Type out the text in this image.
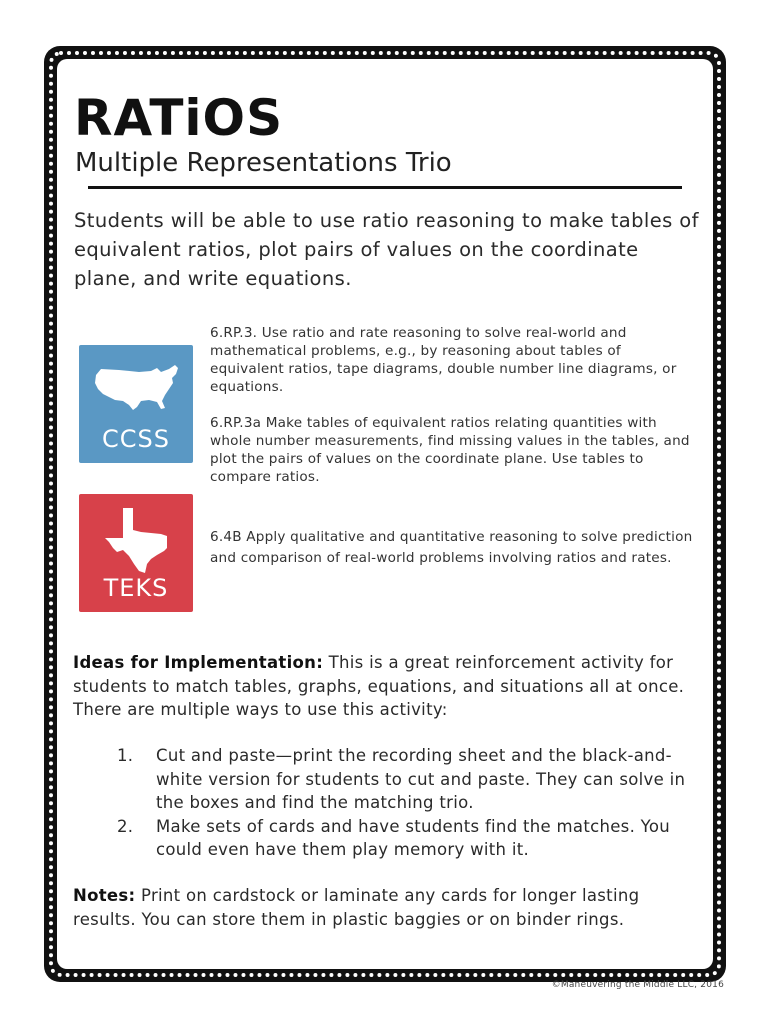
RATiOS
Multiple Representations Trio

Students will be able to use ratio reasoning to make tables of equivalent ratios, plot pairs of values on the coordinate plane, and write equations.

CCSS
TEKS

6.RP.3. Use ratio and rate reasoning to solve real-world and mathematical problems, e.g., by reasoning about tables of equivalent ratios, tape diagrams, double number line diagrams, or equations.

6.RP.3a Make tables of equivalent ratios relating quantities with whole number measurements, find missing values in the tables, and plot the pairs of values on the coordinate plane. Use tables to compare ratios.

6.4B Apply qualitative and quantitative reasoning to solve prediction and comparison of real-world problems involving ratios and rates.

Ideas for Implementation: This is a great reinforcement activity for students to match tables, graphs, equations, and situations all at once. There are multiple ways to use this activity:

1. Cut and paste—print the recording sheet and the black-and-white version for students to cut and paste. They can solve in the boxes and find the matching trio.
2. Make sets of cards and have students find the matches. You could even have them play memory with it.

Notes: Print on cardstock or laminate any cards for longer lasting results. You can store them in plastic baggies or on binder rings.

©Maneuvering the Middle LLC, 2016
